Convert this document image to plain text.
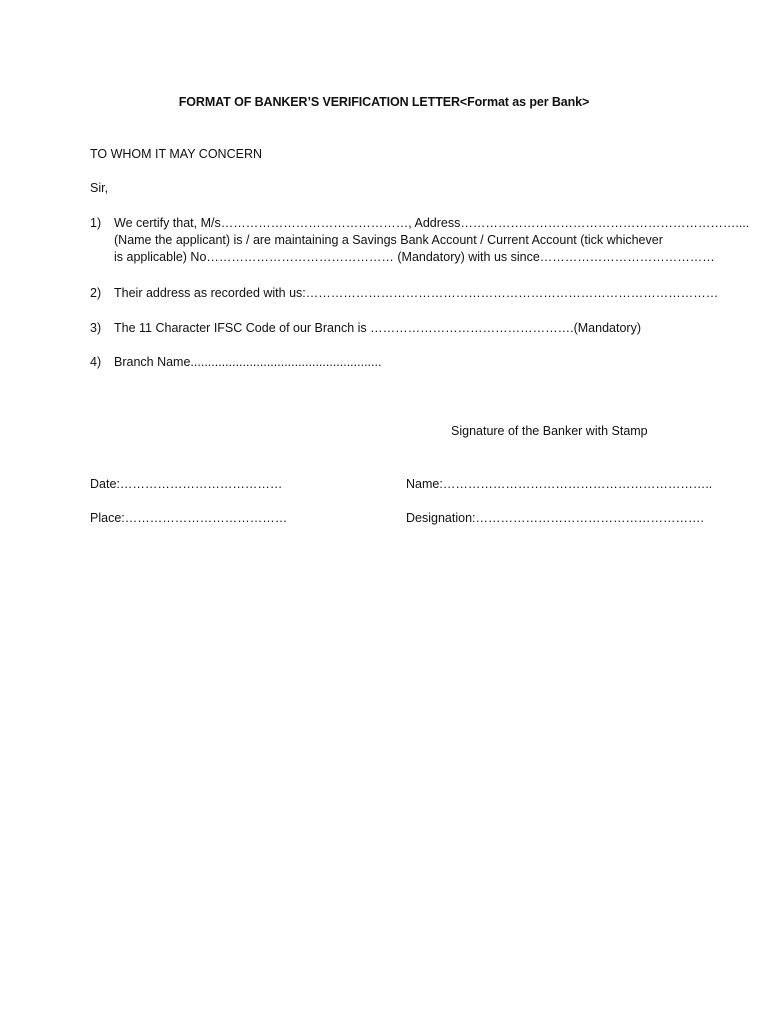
FORMAT OF BANKER’S VERIFICATION LETTER<Format as per Bank>
TO WHOM IT MAY CONCERN
Sir,
1) We certify that, M/s………………………………………, Address…………………………………………………………....
(Name the applicant) is / are maintaining a Savings Bank Account / Current Account (tick whichever
is applicable) No……………………………………… (Mandatory) with us since……………………………………
2) Their address as recorded with us:………………………………………………………………………………………
3) The 11 Character IFSC Code of our Branch is ………………………………………….(Mandatory)
4) Branch Name.......................................................
Signature of the Banker with Stamp
Date:…………………………………	Name:………………………………………………………..
Place:…………………………………	Designation:……………………………………………….
